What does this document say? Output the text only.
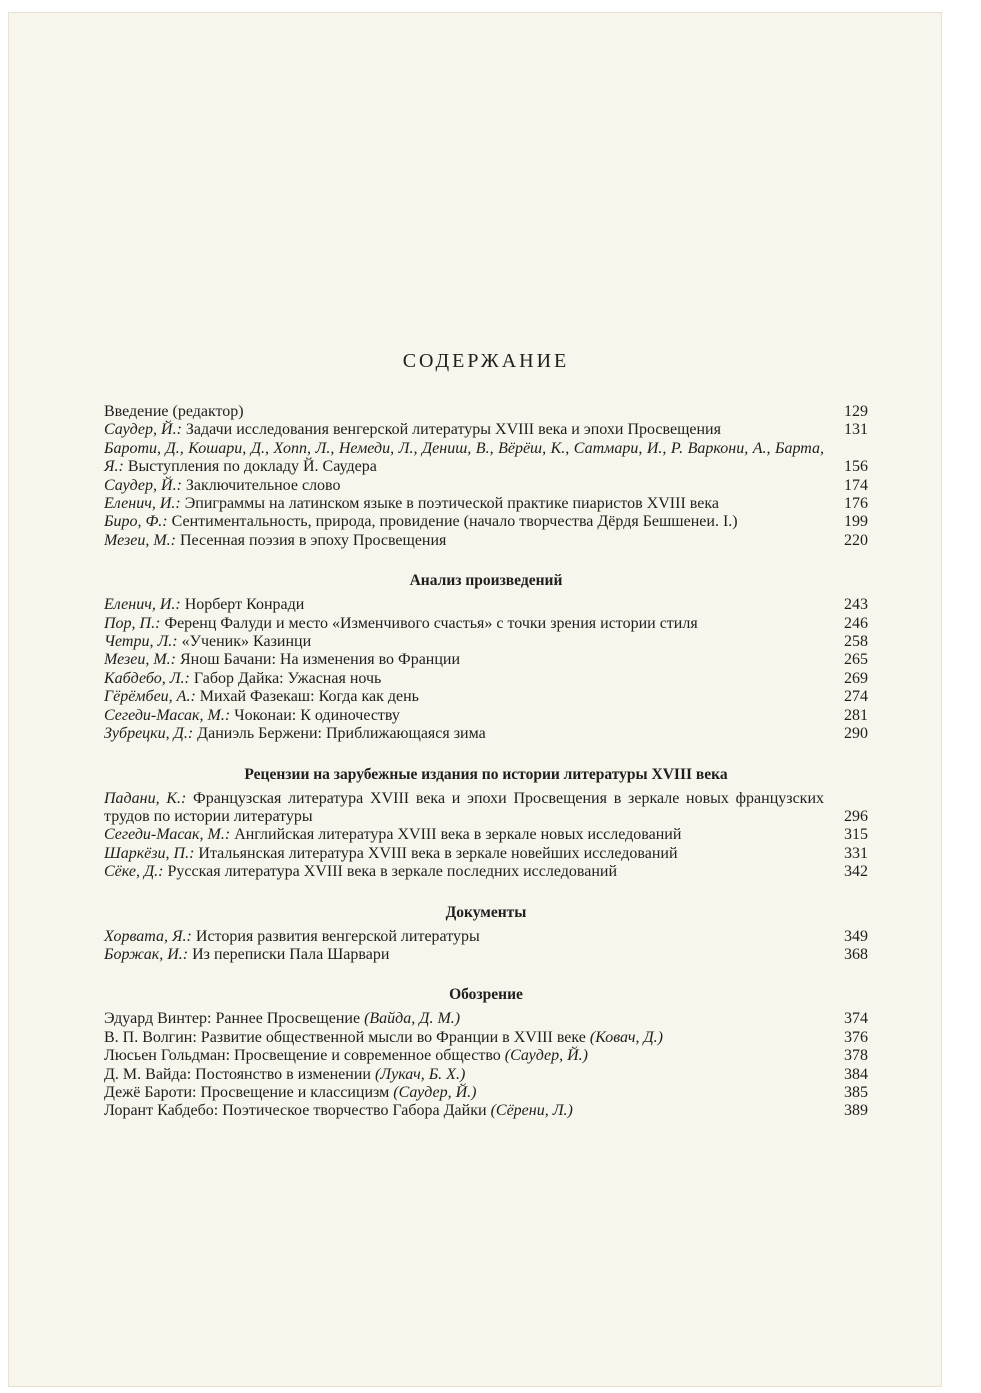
СОДЕРЖАНИЕ
Введение (редактор)	129
Саудер, Й.: Задачи исследования венгерской литературы XVIII века и эпохи Просвещения	131
Бароти, Д., Кошари, Д., Хопп, Л., Немеди, Л., Дениш, В., Вёрёш, К., Сатмари, И., Р. Варкони, А., Барта, Я.: Выступления по докладу Й. Саудера	156
Саудер, Й.: Заключительное слово	174
Еленич, И.: Эпиграммы на латинском языке в поэтической практике пиаристов XVIII века	176
Биро, Ф.: Сентиментальность, природа, провидение (начало творчества Дёрдя Бешшенеи. I.)	199
Мезеи, М.: Песенная поэзия в эпоху Просвещения	220
Анализ произведений
Еленич, И.: Норберт Конради	243
Пор, П.: Ференц Фалуди и место «Изменчивого счастья» с точки зрения истории стиля	246
Четри, Л.: «Ученик» Казинци	258
Мезеи, М.: Янош Бачани: На изменения во Франции	265
Кабдебо, Л.: Габор Дайка: Ужасная ночь	269
Гёрёмбеи, А.: Михай Фазекаш: Когда как день	274
Сегеди-Масак, М.: Чоконаи: К одиночеству	281
Зубрецки, Д.: Даниэль Бержени: Приближающаяся зима	290
Рецензии на зарубежные издания по истории литературы XVIII века
Падани, К.: Французская литература XVIII века и эпохи Просвещения в зеркале новых французских трудов по истории литературы	296
Сегеди-Масак, М.: Английская литература XVIII века в зеркале новых исследований	315
Шаркёзи, П.: Итальянская литература XVIII века в зеркале новейших исследований	331
Сёке, Д.: Русская литература XVIII века в зеркале последних исследований	342
Документы
Хорвата, Я.: История развития венгерской литературы	349
Боржак, И.: Из переписки Пала Шарвари	368
Обозрение
Эдуард Винтер: Раннее Просвещение (Вайда, Д. М.)	374
В. П. Волгин: Развитие общественной мысли во Франции в XVIII веке (Ковач, Д.)	376
Люсьен Гольдман: Просвещение и современное общество (Саудер, Й.)	378
Д. М. Вайда: Постоянство в изменении (Лукач, Б. Х.)	384
Дежё Бароти: Просвещение и классицизм (Саудер, Й.)	385
Лорант Кабдебо: Поэтическое творчество Габора Дайки (Сёрени, Л.)	389
